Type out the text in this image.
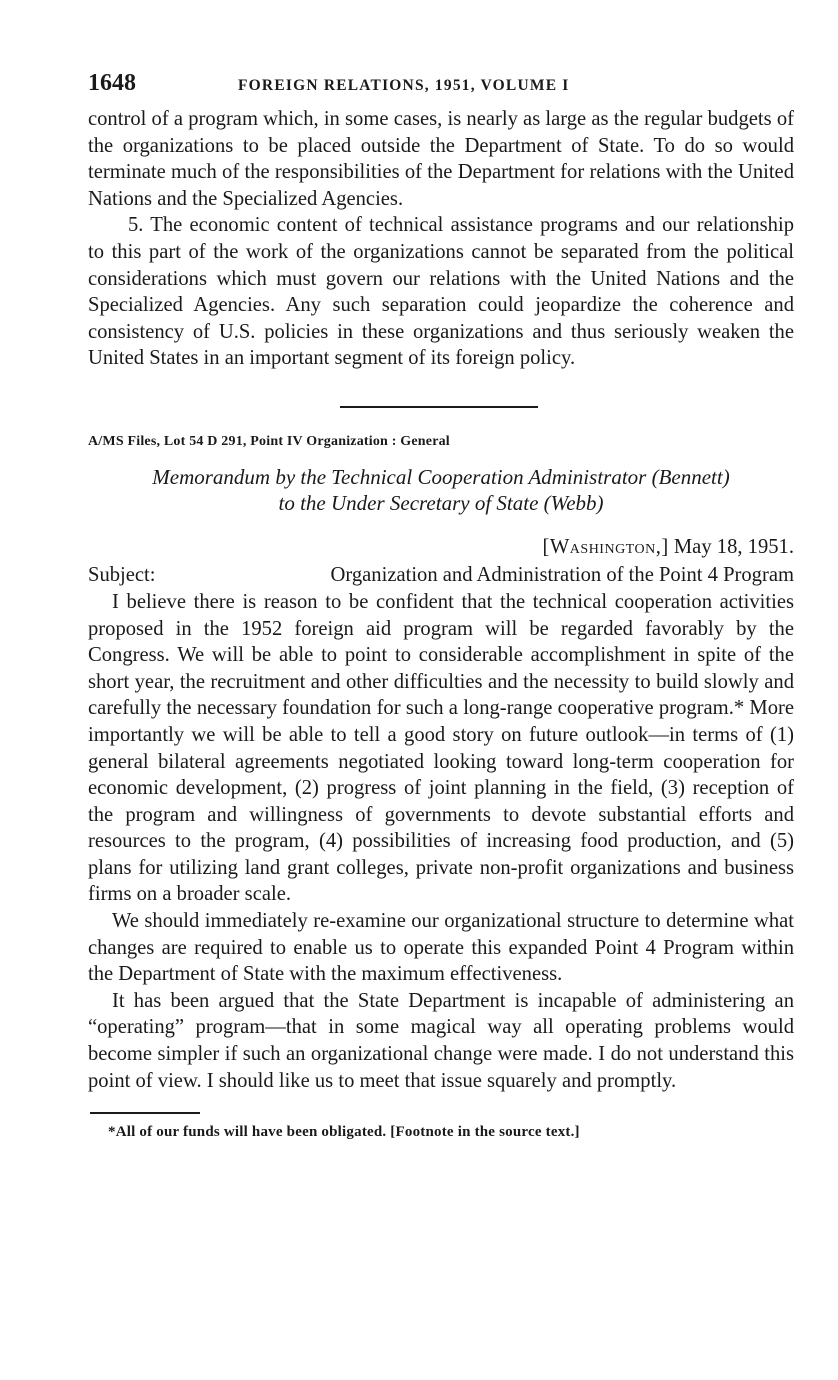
1648	FOREIGN RELATIONS, 1951, VOLUME I

control of a program which, in some cases, is nearly as large as the regular budgets of the organizations to be placed outside the Department of State. To do so would terminate much of the responsibilities of the Department for relations with the United Nations and the Specialized Agencies.

5. The economic content of technical assistance programs and our relationship to this part of the work of the organizations cannot be separated from the political considerations which must govern our relations with the United Nations and the Specialized Agencies. Any such separation could jeopardize the coherence and consistency of U.S. policies in these organizations and thus seriously weaken the United States in an important segment of its foreign policy.

A/MS Files, Lot 54 D 291, Point IV Organization : General
Memorandum by the Technical Cooperation Administrator (Bennett)
to the Under Secretary of State (Webb)
[Washington,] May 18, 1951.
Subject:	Organization and Administration of the Point 4 Program

I believe there is reason to be confident that the technical cooperation activities proposed in the 1952 foreign aid program will be regarded favorably by the Congress. We will be able to point to considerable accomplishment in spite of the short year, the recruitment and other difficulties and the necessity to build slowly and carefully the necessary foundation for such a long-range cooperative program.* More importantly we will be able to tell a good story on future outlook—in terms of (1) general bilateral agreements negotiated looking toward long-term cooperation for economic development, (2) progress of joint planning in the field, (3) reception of the program and willingness of governments to devote substantial efforts and resources to the program, (4) possibilities of increasing food production, and (5) plans for utilizing land grant colleges, private non-profit organizations and business firms on a broader scale.

We should immediately re-examine our organizational structure to determine what changes are required to enable us to operate this expanded Point 4 Program within the Department of State with the maximum effectiveness.

It has been argued that the State Department is incapable of administering an “operating” program—that in some magical way all operating problems would become simpler if such an organizational change were made. I do not understand this point of view. I should like us to meet that issue squarely and promptly.

*All of our funds will have been obligated. [Footnote in the source text.]
